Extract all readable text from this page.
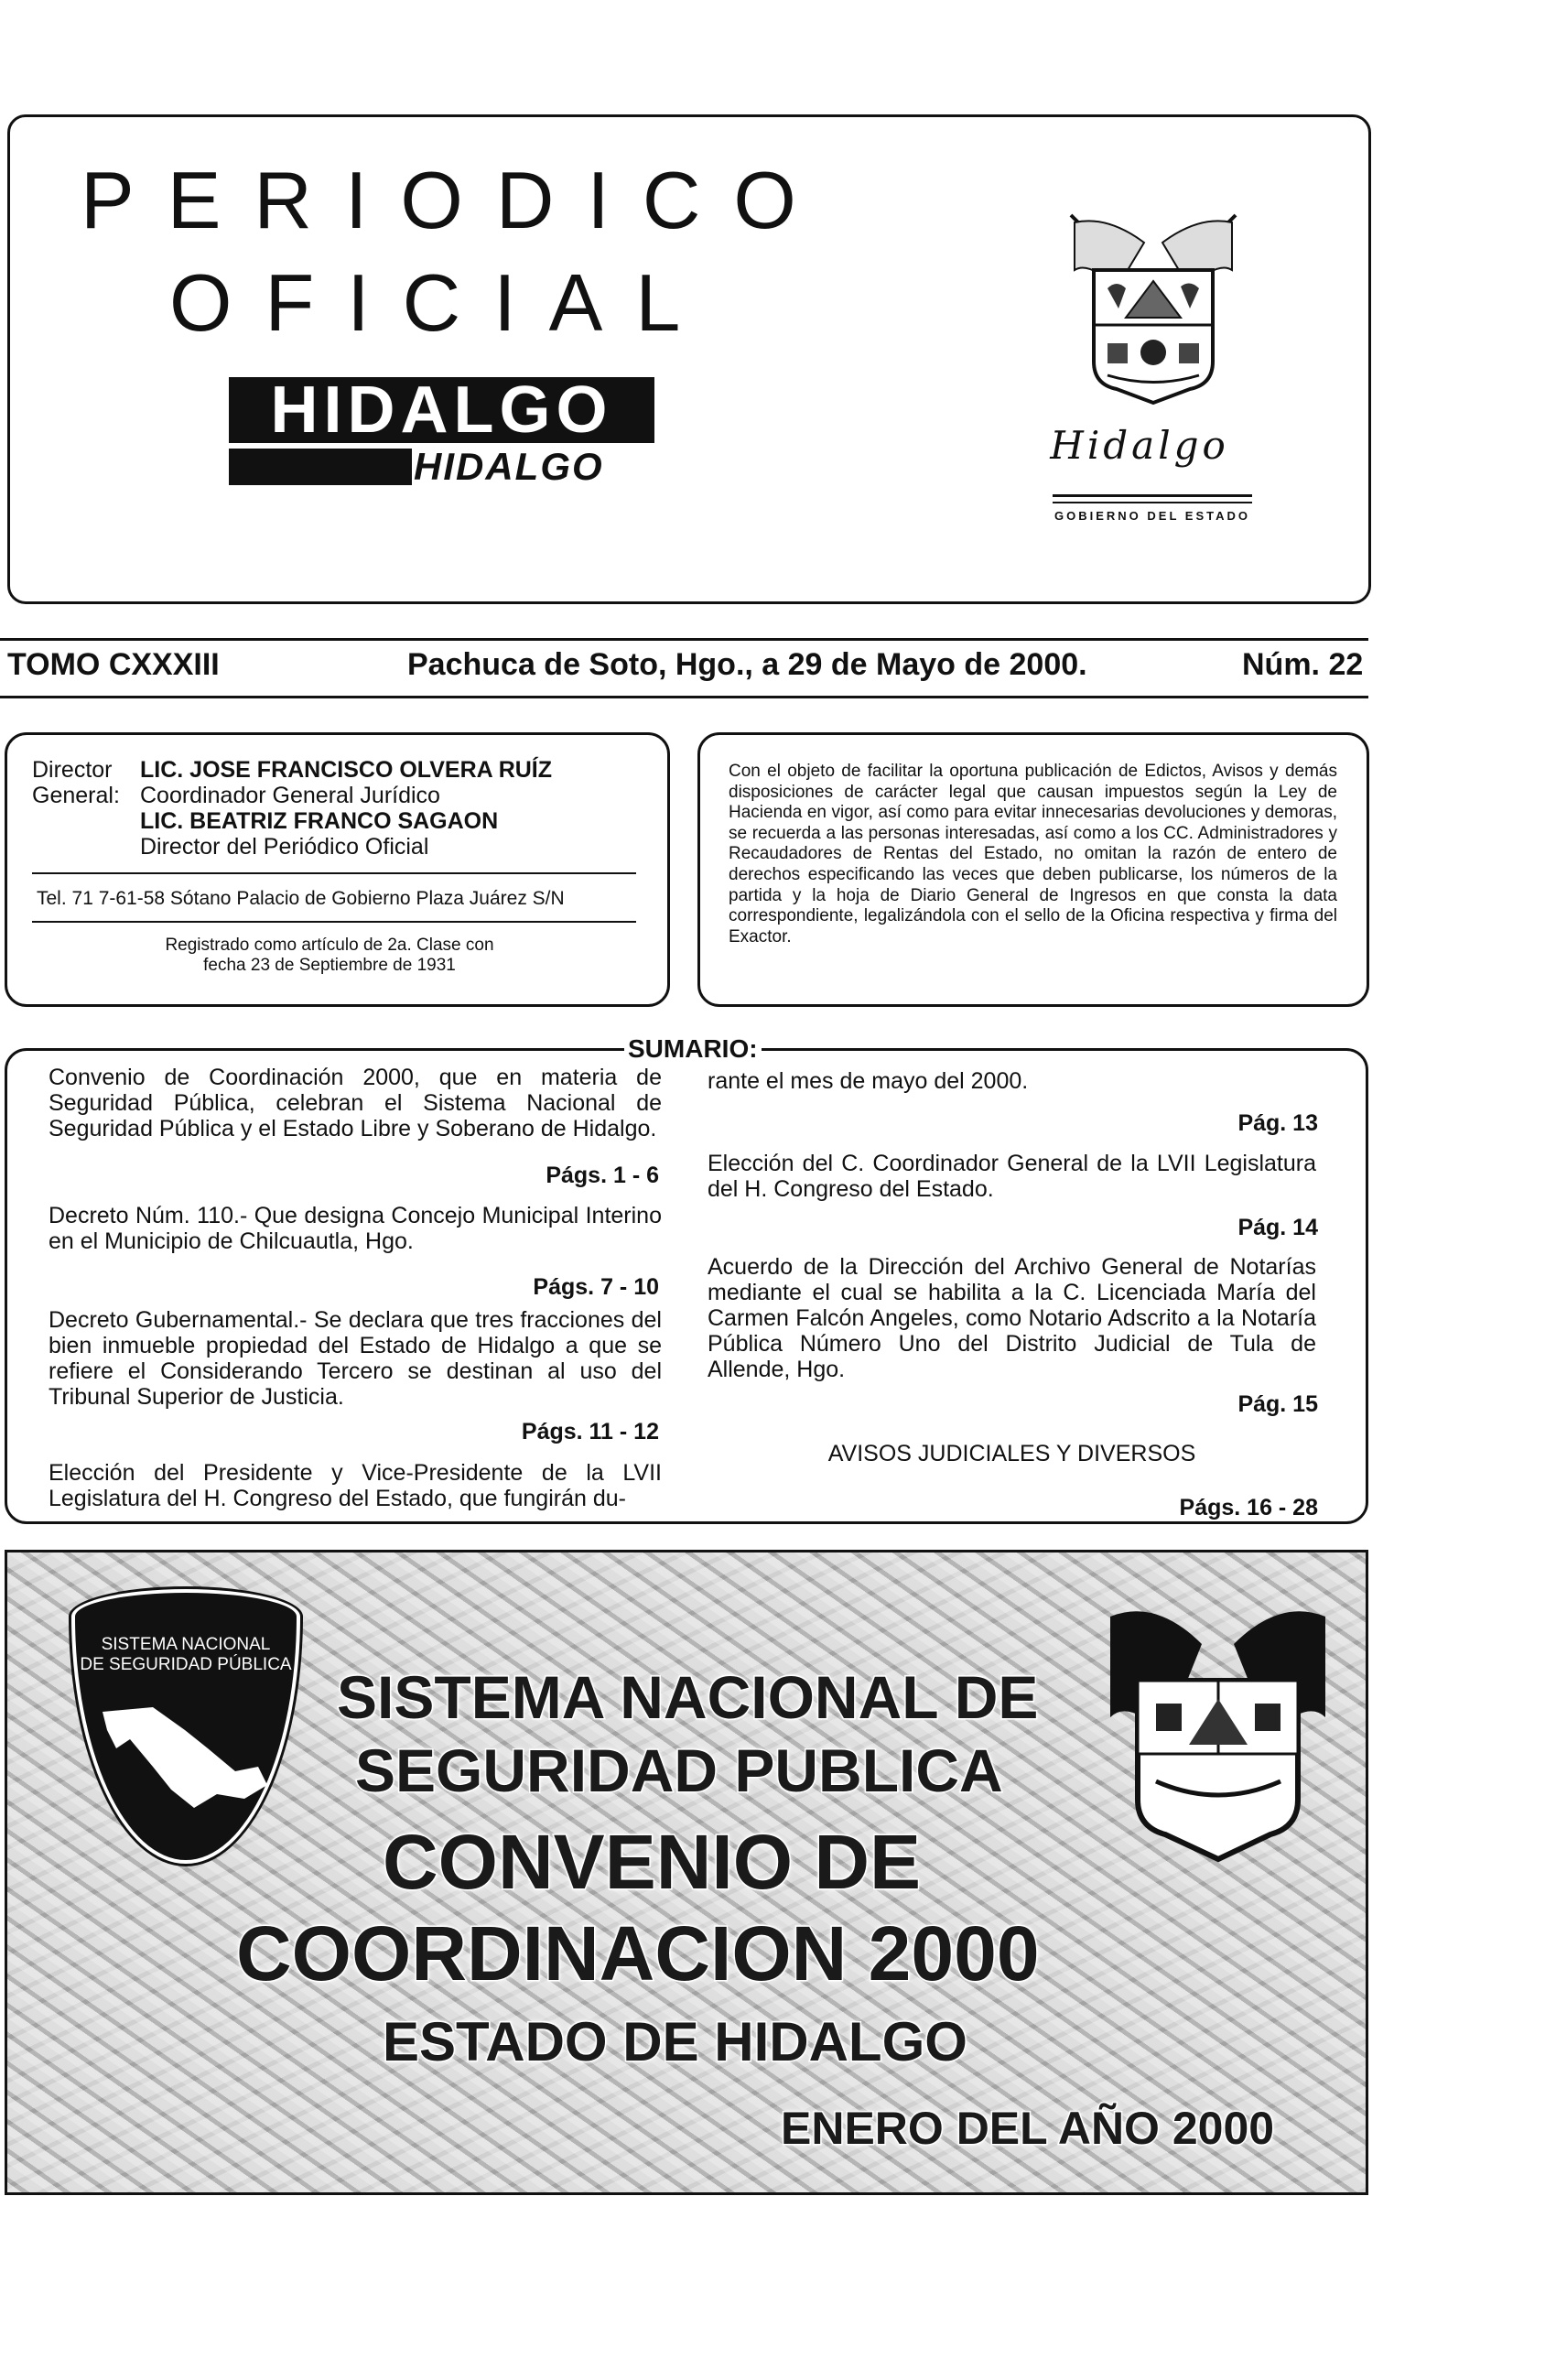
PERIODICO
OFICIAL
HIDALGO
HIDALGO	Hidalgo
GOBIERNO DEL ESTADO
TOMO CXXXIII	Pachuca de Soto, Hgo., a 29 de Mayo de 2000.	Núm. 22
Director
General:
LIC. JOSE FRANCISCO OLVERA RUÍZ
Coordinador General Jurídico
LIC. BEATRIZ FRANCO SAGAON
Director del Periódico Oficial
Tel. 71 7-61-58 Sótano Palacio de Gobierno Plaza Juárez S/N
Registrado como artículo de 2a. Clase con
fecha 23 de Septiembre de 1931
Con el objeto de facilitar la oportuna publicación de Edictos, Avisos y demás disposiciones de carácter legal que causan impuestos según la Ley de Hacienda en vigor, así como para evitar innecesarias devoluciones y demoras, se recuerda a las personas interesadas, así como a los CC. Administradores y Recaudadores de Rentas del Estado, no omitan la razón de entero de derechos especificando las veces que deben publicarse, los números de la partida y la hoja de Diario General de Ingresos en que consta la data correspondiente, legalizándola con el sello de la Oficina respectiva y firma del Exactor.
SUMARIO:
Convenio de Coordinación 2000, que en materia de Seguridad Pública, celebran el Sistema Nacional de Seguridad Pública y el Estado Libre y Soberano de Hidalgo.
Págs. 1 - 6
Decreto Núm. 110.- Que designa Concejo Municipal Interino en el Municipio de Chilcuautla, Hgo.
Págs. 7 - 10
Decreto Gubernamental.- Se declara que tres fracciones del bien inmueble propiedad del Estado de Hidalgo a que se refiere el Considerando Tercero se destinan al uso del Tribunal Superior de Justicia.
Págs. 11 - 12
Elección del Presidente y Vice-Presidente de la LVII Legislatura del H. Congreso del Estado, que fungirán du-
rante el mes de mayo del 2000.
Pág. 13
Elección del C. Coordinador General de la LVII Legislatura del H. Congreso del Estado.
Pág. 14
Acuerdo de la Dirección del Archivo General de Notarías mediante el cual se habilita a la C. Licenciada María del Carmen Falcón Angeles, como Notario Adscrito a la Notaría Pública Número Uno del Distrito Judicial de Tula de Allende, Hgo.
Pág. 15
AVISOS JUDICIALES Y DIVERSOS
Págs. 16 - 28
SISTEMA NACIONAL
DE SEGURIDAD PÚBLICA SISTEMA NACIONAL DE
SEGURIDAD PUBLICA
CONVENIO DE
COORDINACION 2000
ESTADO DE HIDALGO
ENERO DEL AÑO 2000
